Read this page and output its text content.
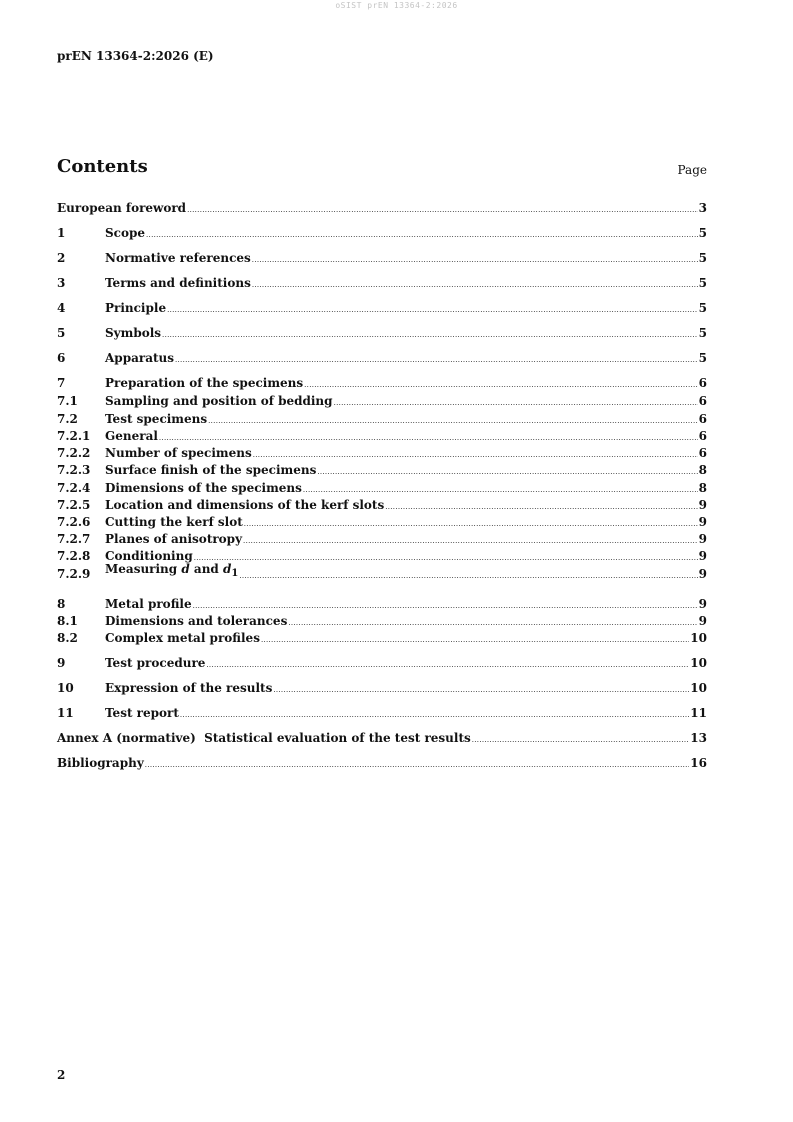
oSIST prEN 13364-2:2026
prEN 13364-2:2026 (E)
Contents	Page
European foreword .....	3
1	Scope .....	5
2	Normative references .....	5
3	Terms and definitions .....	5
4	Principle .....	5
5	Symbols .....	5
6	Apparatus .....	5
7	Preparation of the specimens .....	6
7.1	Sampling and position of bedding .....	6
7.2	Test specimens .....	6
7.2.1	General .....	6
7.2.2	Number of specimens .....	6
7.2.3	Surface finish of the specimens .....	8
7.2.4	Dimensions of the specimens .....	8
7.2.5	Location and dimensions of the kerf slots .....	9
7.2.6	Cutting the kerf slot .....	9
7.2.7	Planes of anisotropy .....	9
7.2.8	Conditioning .....	9
7.2.9	Measuring d and $d_1$ .....	9
8	Metal profile .....	9
8.1	Dimensions and tolerances .....	9
8.2	Complex metal profiles .....	10
9	Test procedure .....	10
10	Expression of the results .....	10
11	Test report .....	11
Annex A (normative)  Statistical evaluation of the test results .....	13
Bibliography .....	16
2
